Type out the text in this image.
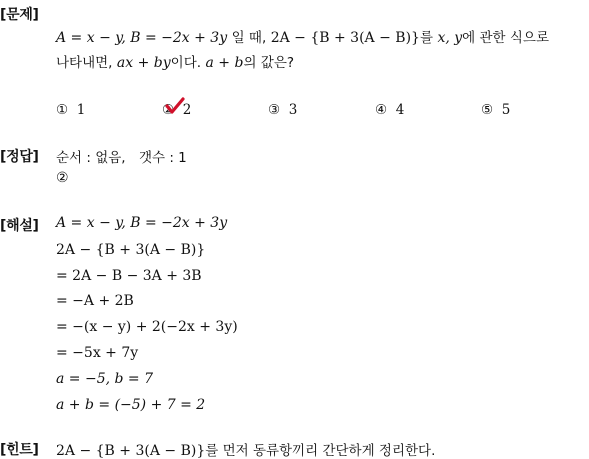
[문제]
A = x − y, B = −2x + 3y 일 때, 2A − {B + 3(A − B)}를 x, y에 관한 식으로
나타내면, ax + by이다. a + b의 값은?
① 1	② 2	③ 3	④ 4	⑤ 5
[정답] 순서 : 없음, 갯수 : 1
②
[해설] A = x − y, B = −2x + 3y
2A − {B + 3(A − B)}
= 2A − B − 3A + 3B
= −A + 2B
= −(x − y) + 2(−2x + 3y)
= −5x + 7y
a = −5, b = 7
a + b = (−5) + 7 = 2
[힌트] 2A − {B + 3(A − B)}를 먼저 동류항끼리 간단하게 정리한다.
